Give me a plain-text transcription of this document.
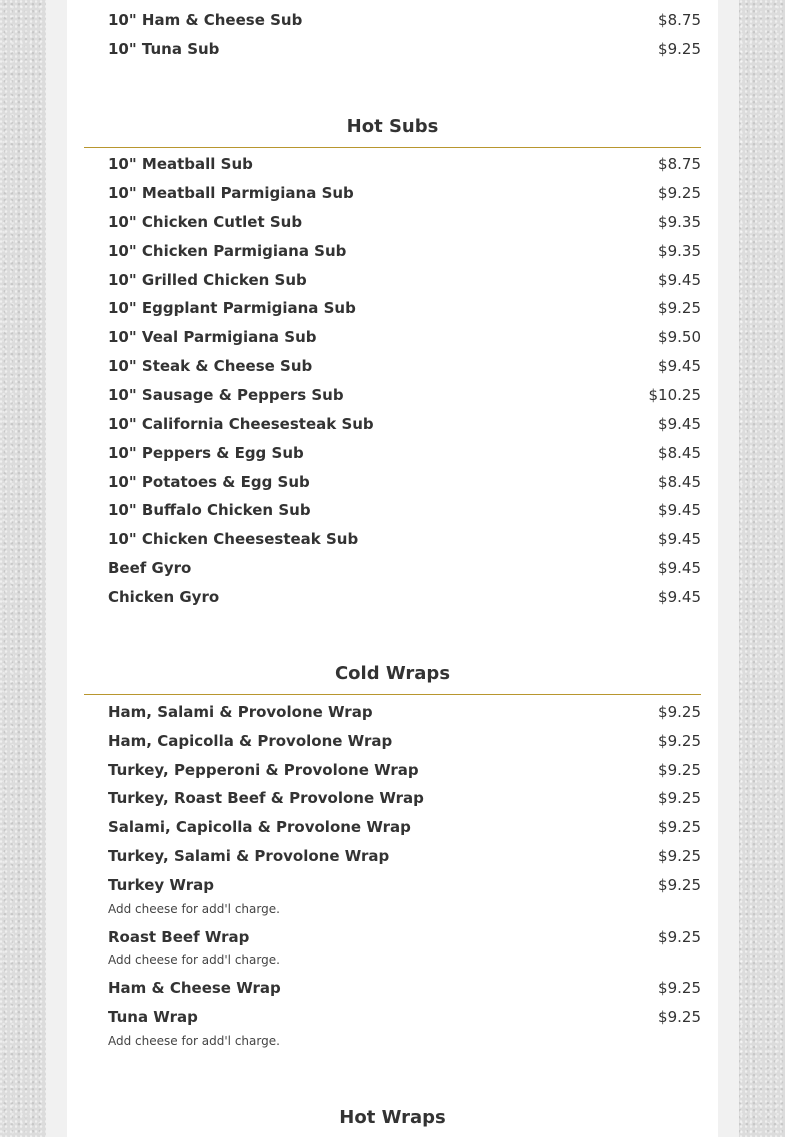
10" Ham & Cheese Sub	$8.75
10" Tuna Sub	$9.25
Hot Subs
10" Meatball Sub	$8.75
10" Meatball Parmigiana Sub	$9.25
10" Chicken Cutlet Sub	$9.35
10" Chicken Parmigiana Sub	$9.35
10" Grilled Chicken Sub	$9.45
10" Eggplant Parmigiana Sub	$9.25
10" Veal Parmigiana Sub	$9.50
10" Steak & Cheese Sub	$9.45
10" Sausage & Peppers Sub	$10.25
10" California Cheesesteak Sub	$9.45
10" Peppers & Egg Sub	$8.45
10" Potatoes & Egg Sub	$8.45
10" Buffalo Chicken Sub	$9.45
10" Chicken Cheesesteak Sub	$9.45
Beef Gyro	$9.45
Chicken Gyro	$9.45
Cold Wraps
Ham, Salami & Provolone Wrap	$9.25
Ham, Capicolla & Provolone Wrap	$9.25
Turkey, Pepperoni & Provolone Wrap	$9.25
Turkey, Roast Beef & Provolone Wrap	$9.25
Salami, Capicolla & Provolone Wrap	$9.25
Turkey, Salami & Provolone Wrap	$9.25
Turkey Wrap	$9.25
Add cheese for add'l charge.
Roast Beef Wrap	$9.25
Add cheese for add'l charge.
Ham & Cheese Wrap	$9.25
Tuna Wrap	$9.25
Add cheese for add'l charge.
Hot Wraps
